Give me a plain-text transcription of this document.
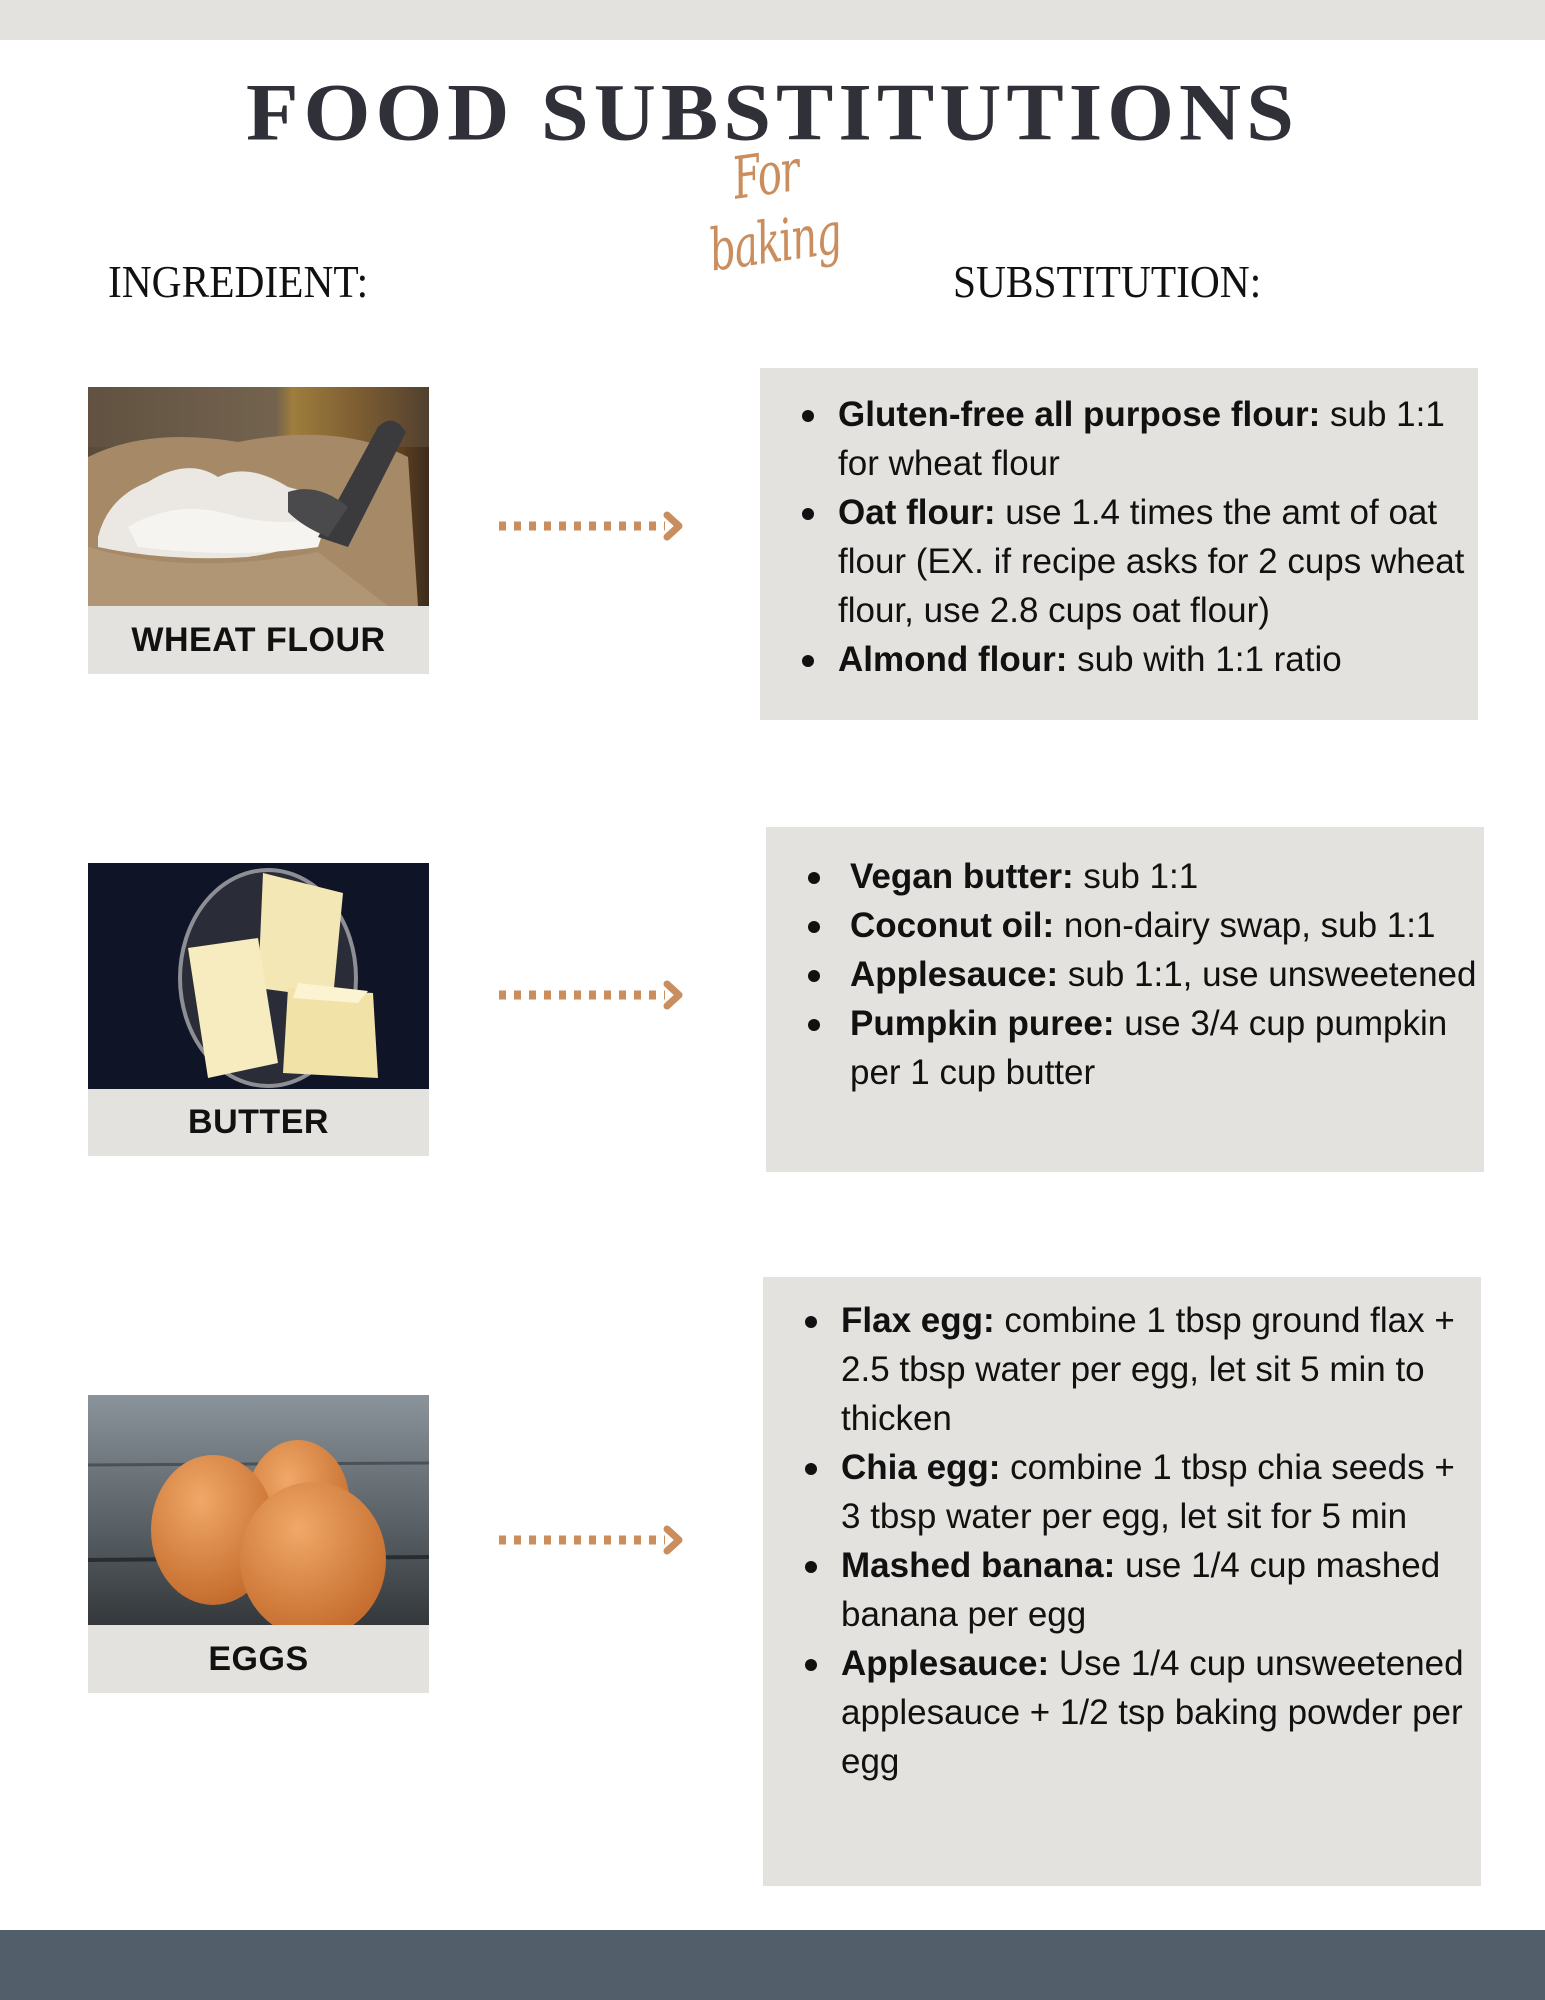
FOOD SUBSTITUTIONS
For baking
INGREDIENT:	SUBSTITUTION:
WHEAT FLOUR
Gluten-free all purpose flour: sub 1:1 for wheat flour
Oat flour: use 1.4 times the amt of oat flour (EX. if recipe asks for 2 cups wheat flour, use 2.8 cups oat flour)
Almond flour: sub with 1:1 ratio
BUTTER
Vegan butter: sub 1:1
Coconut oil: non-dairy swap, sub 1:1
Applesauce: sub 1:1, use unsweetened
Pumpkin puree: use 3/4 cup pumpkin per 1 cup butter
EGGS
Flax egg: combine 1 tbsp ground flax + 2.5 tbsp water per egg, let sit 5 min to thicken
Chia egg: combine 1 tbsp chia seeds + 3 tbsp water per egg, let sit for 5 min
Mashed banana: use 1/4 cup mashed banana per egg
Applesauce: Use 1/4 cup unsweetened applesauce + 1/2 tsp baking powder per egg
